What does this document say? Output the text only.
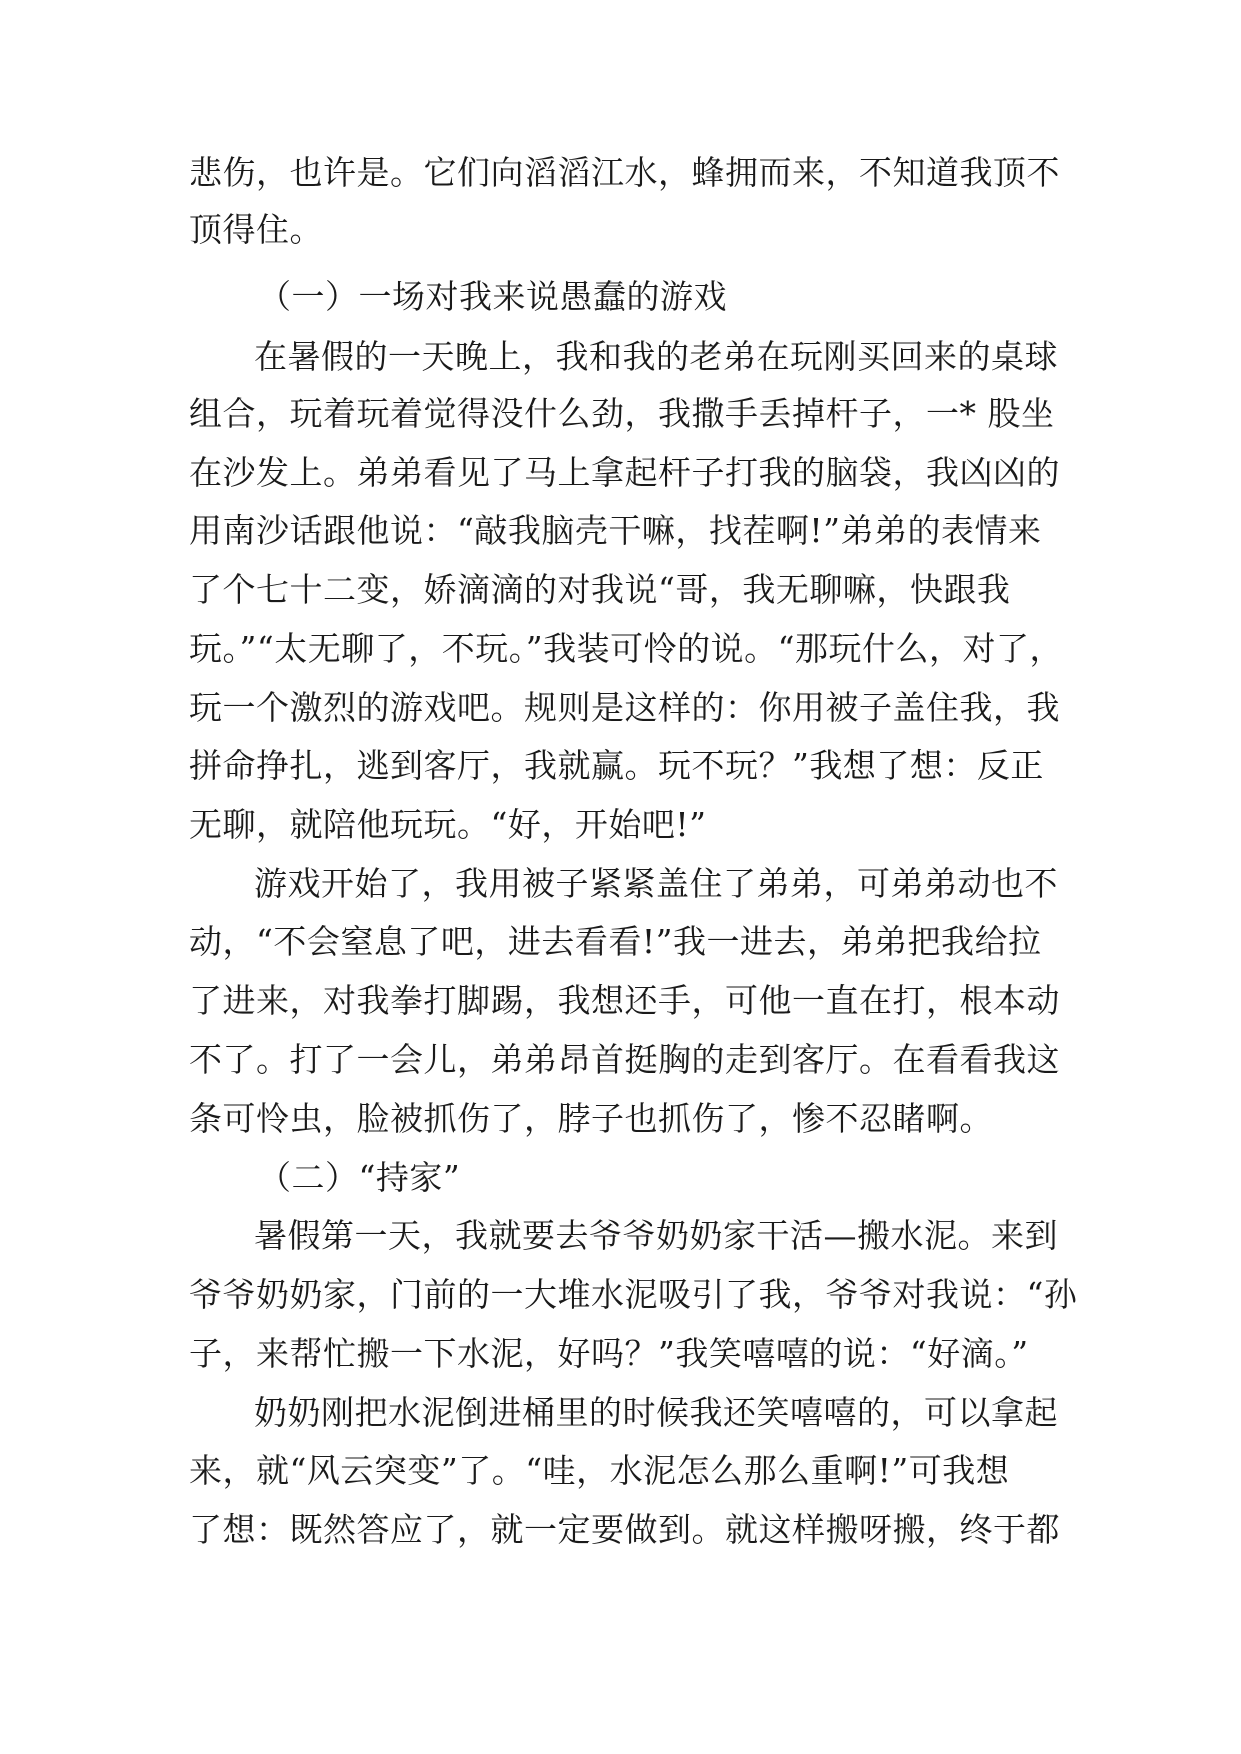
悲伤，也许是。它们向滔滔江水，蜂拥而来，不知道我顶不
顶得住。
（一）一场对我来说愚蠢的游戏
在暑假的一天晚上，我和我的老弟在玩刚买回来的桌球
组合，玩着玩着觉得没什么劲，我撒手丢掉杆子，一* 股坐
在沙发上。弟弟看见了马上拿起杆子打我的脑袋，我凶凶的
用南沙话跟他说：“敲我脑壳干嘛，找茬啊!”弟弟的表情来
了个七十二变，娇滴滴的对我说“哥，我无聊嘛，快跟我
玩。”“太无聊了，不玩。”我装可怜的说。“那玩什么，对了，
玩一个激烈的游戏吧。规则是这样的：你用被子盖住我，我
拼命挣扎，逃到客厅，我就赢。玩不玩？”我想了想：反正
无聊，就陪他玩玩。“好，开始吧!”
游戏开始了，我用被子紧紧盖住了弟弟，可弟弟动也不
动，“不会窒息了吧，进去看看!”我一进去，弟弟把我给拉
了进来，对我拳打脚踢，我想还手，可他一直在打，根本动
不了。打了一会儿，弟弟昂首挺胸的走到客厅。在看看我这
条可怜虫，脸被抓伤了，脖子也抓伤了，惨不忍睹啊。
（二）“持家”
暑假第一天，我就要去爷爷奶奶家干活—搬水泥。来到
爷爷奶奶家，门前的一大堆水泥吸引了我，爷爷对我说：“孙
子，来帮忙搬一下水泥，好吗？”我笑嘻嘻的说：“好滴。”
奶奶刚把水泥倒进桶里的时候我还笑嘻嘻的，可以拿起
来，就“风云突变”了。“哇，水泥怎么那么重啊!”可我想
了想：既然答应了，就一定要做到。就这样搬呀搬，终于都
